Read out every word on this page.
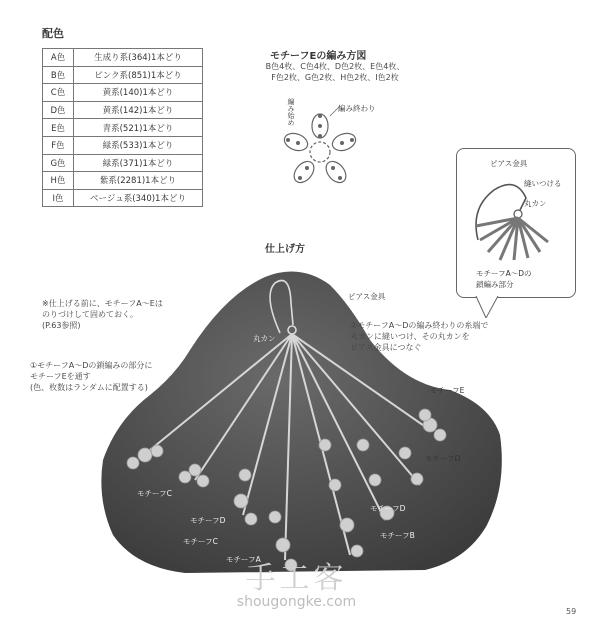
配色
A色	生成り系(364)1本どり
B色	ピンク系(851)1本どり
C色	黄系(140)1本どり
D色	黄系(142)1本どり
E色	青系(521)1本どり
F色	緑系(533)1本どり
G色	緑系(371)1本どり
H色	紫系(2281)1本どり
I色	ベージュ系(340)1本どり
モチーフEの編み方図
B色4枚、C色4枚、D色2枚、E色4枚、
F色2枚、G色2枚、H色2枚、I色2枚
編み始め	編み終わり
ピアス金具
縫いつける
丸カン
モチーフA～Dの
鎖編み部分
仕上げ方
※仕上げる前に、モチーフA～Eは
のりづけして固めておく。
(P.63参照)
①モチーフA～Dの鎖編みの部分に
モチーフEを通す
(色、枚数はランダムに配置する)
②モチーフA～Dの編み終わりの糸端で
丸カンに縫いつけ、その丸カンを
ピアス金具につなぐ
ピアス金具
丸カン
モチーフE
モチーフD
モチーフC
モチーフD
モチーフC
モチーフA
モチーフD
モチーフB
手工客
shougongke.com
59
